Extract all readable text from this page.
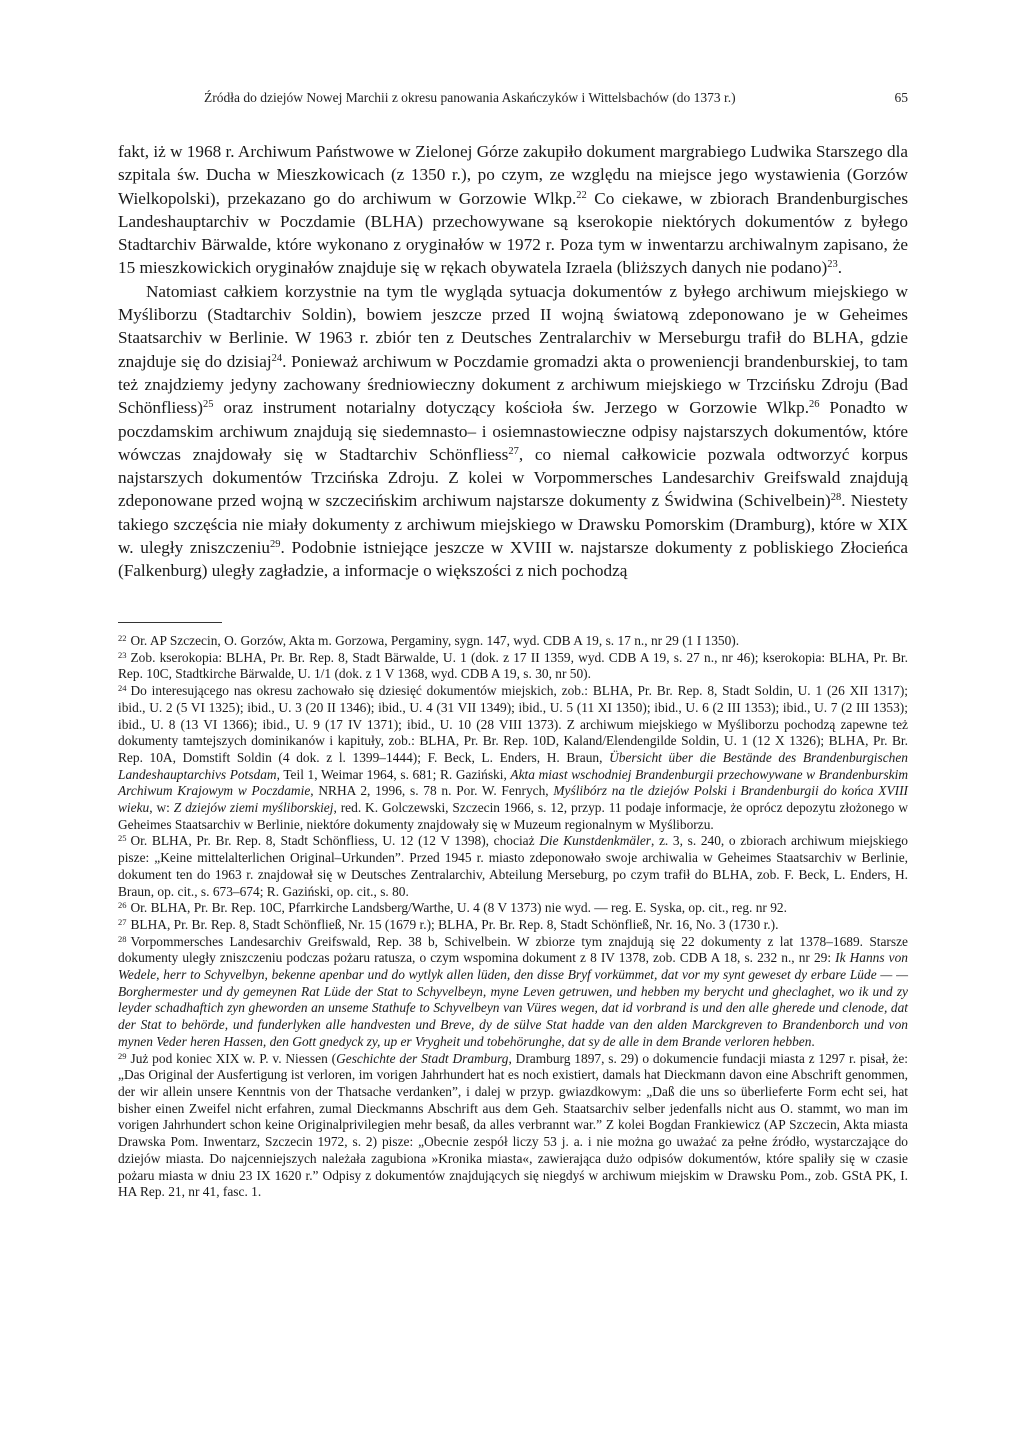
Źródła do dziejów Nowej Marchii z okresu panowania Askańczyków i Wittelsbachów (do 1373 r.)	65

fakt, iż w 1968 r. Archiwum Państwowe w Zielonej Górze zakupiło dokument margrabiego Ludwika Starszego dla szpitala św. Ducha w Mieszkowicach (z 1350 r.), po czym, ze względu na miejsce jego wystawienia (Gorzów Wielkopolski), przekazano go do archiwum w Gorzowie Wlkp.$^{22}$ Co ciekawe, w zbiorach Brandenburgisches Landeshauptarchiv w Poczdamie (BLHA) przechowywane są kserokopie niektórych dokumentów z byłego Stadtarchiv Bärwalde, które wykonano z oryginałów w 1972 r. Poza tym w inwentarzu archiwalnym zapisano, że 15 mieszkowickich oryginałów znajduje się w rękach obywatela Izraela (bliższych danych nie podano)$^{23}$.

Natomiast całkiem korzystnie na tym tle wygląda sytuacja dokumentów z byłego archiwum miejskiego w Myśliborzu (Stadtarchiv Soldin), bowiem jeszcze przed II wojną światową zdeponowano je w Geheimes Staatsarchiv w Berlinie. W 1963 r. zbiór ten z Deutsches Zentralarchiv w Merseburgu trafił do BLHA, gdzie znajduje się do dzisiaj$^{24}$. Ponieważ archiwum w Poczdamie gromadzi akta o proweniencji brandenburskiej, to tam też znajdziemy jedyny zachowany średniowieczny dokument z archiwum miejskiego w Trzcińsku Zdroju (Bad Schönfliess)$^{25}$ oraz instrument notarialny dotyczący kościoła św. Jerzego w Gorzowie Wlkp.$^{26}$ Ponadto w poczdamskim archiwum znajdują się siedemnasto– i osiemnastowieczne odpisy najstarszych dokumentów, które wówczas znajdowały się w Stadtarchiv Schönfliess$^{27}$, co niemal całkowicie pozwala odtworzyć korpus najstarszych dokumentów Trzcińska Zdroju. Z kolei w Vorpommersches Landesarchiv Greifswald znajdują zdeponowane przed wojną w szczecińskim archiwum najstarsze dokumenty z Świdwina (Schivelbein)$^{28}$. Niestety takiego szczęścia nie miały dokumenty z archiwum miejskiego w Drawsku Pomorskim (Dramburg), które w XIX w. uległy zniszczeniu$^{29}$. Podobnie istniejące jeszcze w XVIII w. najstarsze dokumenty z pobliskiego Złocieńca (Falkenburg) uległy zagładzie, a informacje o większości z nich pochodzą

$^{22}$ Or. AP Szczecin, O. Gorzów, Akta m. Gorzowa, Pergaminy, sygn. 147, wyd. CDB A 19, s. 17 n., nr 29 (1 I 1350).

$^{23}$ Zob. kserokopia: BLHA, Pr. Br. Rep. 8, Stadt Bärwalde, U. 1 (dok. z 17 II 1359, wyd. CDB A 19, s. 27 n., nr 46); kserokopia: BLHA, Pr. Br. Rep. 10C, Stadtkirche Bärwalde, U. 1/1 (dok. z 1 V 1368, wyd. CDB A 19, s. 30, nr 50).

$^{24}$ Do interesującego nas okresu zachowało się dziesięć dokumentów miejskich, zob.: BLHA, Pr. Br. Rep. 8, Stadt Soldin, U. 1 (26 XII 1317); ibid., U. 2 (5 VI 1325); ibid., U. 3 (20 II 1346); ibid., U. 4 (31 VII 1349); ibid., U. 5 (11 XI 1350); ibid., U. 6 (2 III 1353); ibid., U. 7 (2 III 1353); ibid., U. 8 (13 VI 1366); ibid., U. 9 (17 IV 1371); ibid., U. 10 (28 VIII 1373). Z archiwum miejskiego w Myśliborzu pochodzą zapewne też dokumenty tamtejszych dominikanów i kapituły, zob.: BLHA, Pr. Br. Rep. 10D, Kaland/Elendengilde Soldin, U. 1 (12 X 1326); BLHA, Pr. Br. Rep. 10A, Domstift Soldin (4 dok. z l. 1399–1444); F. Beck, L. Enders, H. Braun, Übersicht über die Bestände des Brandenburgischen Landeshauptarchivs Potsdam, Teil 1, Weimar 1964, s. 681; R. Gaziński, Akta miast wschodniej Brandenburgii przechowywane w Brandenburskim Archiwum Krajowym w Poczdamie, NRHA 2, 1996, s. 78 n. Por. W. Fenrych, Myślibórz na tle dziejów Polski i Brandenburgii do końca XVIII wieku, w: Z dziejów ziemi myśliborskiej, red. K. Golczewski, Szczecin 1966, s. 12, przyp. 11 podaje informacje, że oprócz depozytu złożonego w Geheimes Staatsarchiv w Berlinie, niektóre dokumenty znajdowały się w Muzeum regionalnym w Myśliborzu.

$^{25}$ Or. BLHA, Pr. Br. Rep. 8, Stadt Schönfliess, U. 12 (12 V 1398), chociaż Die Kunstdenkmäler, z. 3, s. 240, o zbiorach archiwum miejskiego pisze: „Keine mittelalterlichen Original–Urkunden”. Przed 1945 r. miasto zdeponowało swoje archiwalia w Geheimes Staatsarchiv w Berlinie, dokument ten do 1963 r. znajdował się w Deutsches Zentralarchiv, Abteilung Merseburg, po czym trafił do BLHA, zob. F. Beck, L. Enders, H. Braun, op. cit., s. 673–674; R. Gaziński, op. cit., s. 80.

$^{26}$ Or. BLHA, Pr. Br. Rep. 10C, Pfarrkirche Landsberg/Warthe, U. 4 (8 V 1373) nie wyd. — reg. E. Syska, op. cit., reg. nr 92.

$^{27}$ BLHA, Pr. Br. Rep. 8, Stadt Schönfließ, Nr. 15 (1679 r.); BLHA, Pr. Br. Rep. 8, Stadt Schönfließ, Nr. 16, No. 3 (1730 r.).

$^{28}$ Vorpommersches Landesarchiv Greifswald, Rep. 38 b, Schivelbein. W zbiorze tym znajdują się 22 dokumenty z lat 1378–1689. Starsze dokumenty uległy zniszczeniu podczas pożaru ratusza, o czym wspomina dokument z 8 IV 1378, zob. CDB A 18, s. 232 n., nr 29: Ik Hanns von Wedele, herr to Schyvelbyn, bekenne apenbar und do wytlyk allen lüden, den disse Bryf vorkümmet, dat vor my synt geweset dy erbare Lüde — — Borghermester und dy gemeynen Rat Lüde der Stat to Schyvelbeyn, myne Leven getruwen, und hebben my berycht und gheclaghet, wo ik und zy leyder schadhaftich zyn gheworden an unseme Stathufe to Schyvelbeyn van Vüres wegen, dat id vorbrand is und den alle gherede und clenode, dat der Stat to behörde, und funderlyken alle handvesten und Breve, dy de sülve Stat hadde van den alden Marckgreven to Brandenborch und von mynen Veder heren Hassen, den Gott gnedyck zy, up er Vrygheit und tobehörunghe, dat sy de alle in dem Brande verloren hebben.

$^{29}$ Już pod koniec XIX w. P. v. Niessen (Geschichte der Stadt Dramburg, Dramburg 1897, s. 29) o dokumencie fundacji miasta z 1297 r. pisał, że: „Das Original der Ausfertigung ist verloren, im vorigen Jahrhundert hat es noch existiert, damals hat Dieckmann davon eine Abschrift genommen, der wir allein unsere Kenntnis von der Thatsache verdanken”, i dalej w przyp. gwiazdkowym: „Daß die uns so überlieferte Form echt sei, hat bisher einen Zweifel nicht erfahren, zumal Dieckmanns Abschrift aus dem Geh. Staatsarchiv selber jedenfalls nicht aus O. stammt, wo man im vorigen Jahrhundert schon keine Originalprivilegien mehr besaß, da alles verbrannt war.” Z kolei Bogdan Frankiewicz (AP Szczecin, Akta miasta Drawska Pom. Inwentarz, Szczecin 1972, s. 2) pisze: „Obecnie zespół liczy 53 j. a. i nie można go uważać za pełne źródło, wystarczające do dziejów miasta. Do najcenniejszych należała zagubiona »Kronika miasta«, zawierająca dużo odpisów dokumentów, które spaliły się w czasie pożaru miasta w dniu 23 IX 1620 r.” Odpisy z dokumentów znajdujących się niegdyś w archiwum miejskim w Drawsku Pom., zob. GStA PK, I. HA Rep. 21, nr 41, fasc. 1.
